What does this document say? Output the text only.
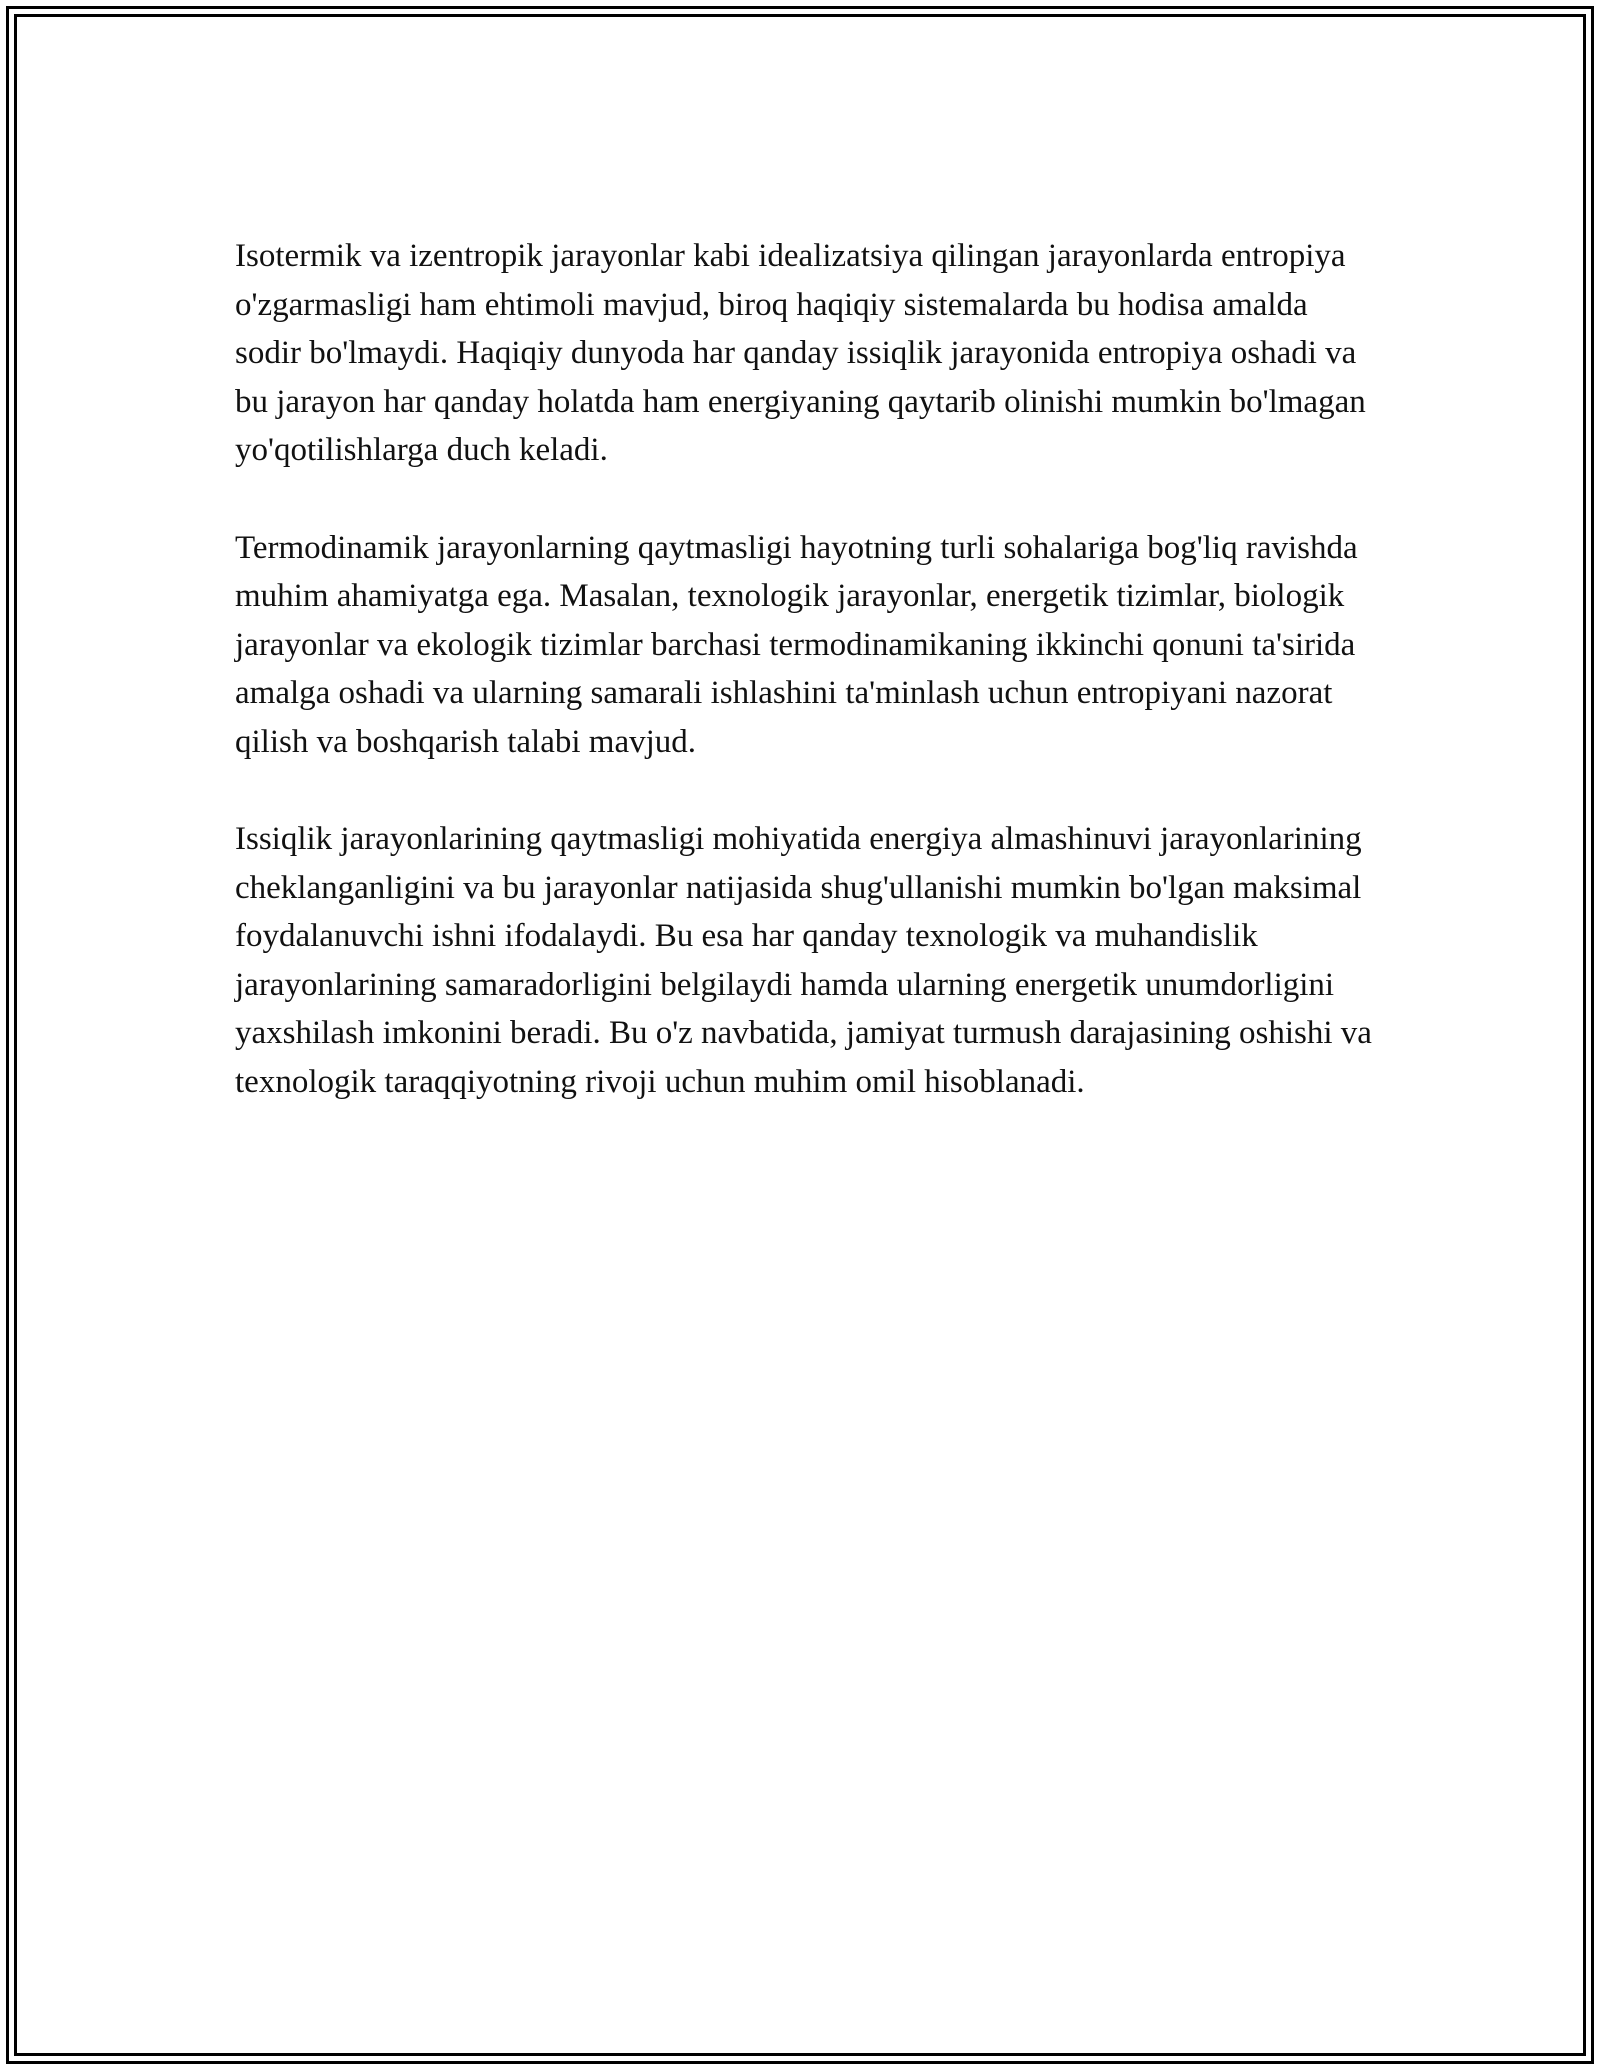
Isotermik va izentropik jarayonlar kabi idealizatsiya qilingan jarayonlarda entropiya o'zgarmasligi ham ehtimoli mavjud, biroq haqiqiy sistemalarda bu hodisa amalda sodir bo'lmaydi. Haqiqiy dunyoda har qanday issiqlik jarayonida entropiya oshadi va bu jarayon har qanday holatda ham energiyaning qaytarib olinishi mumkin bo'lmagan yo'qotilishlarga duch keladi.

Termodinamik jarayonlarning qaytmasligi hayotning turli sohalariga bog'liq ravishda muhim ahamiyatga ega. Masalan, texnologik jarayonlar, energetik tizimlar, biologik jarayonlar va ekologik tizimlar barchasi termodinamikaning ikkinchi qonuni ta'sirida amalga oshadi va ularning samarali ishlashini ta'minlash uchun entropiyani nazorat qilish va boshqarish talabi mavjud.

Issiqlik jarayonlarining qaytmasligi mohiyatida energiya almashinuvi jarayonlarining cheklanganligini va bu jarayonlar natijasida shug'ullanishi mumkin bo'lgan maksimal foydalanuvchi ishni ifodalaydi. Bu esa har qanday texnologik va muhandislik jarayonlarining samaradorligini belgilaydi hamda ularning energetik unumdorligini yaxshilash imkonini beradi. Bu o'z navbatida, jamiyat turmush darajasining oshishi va texnologik taraqqiyotning rivoji uchun muhim omil hisoblanadi.
